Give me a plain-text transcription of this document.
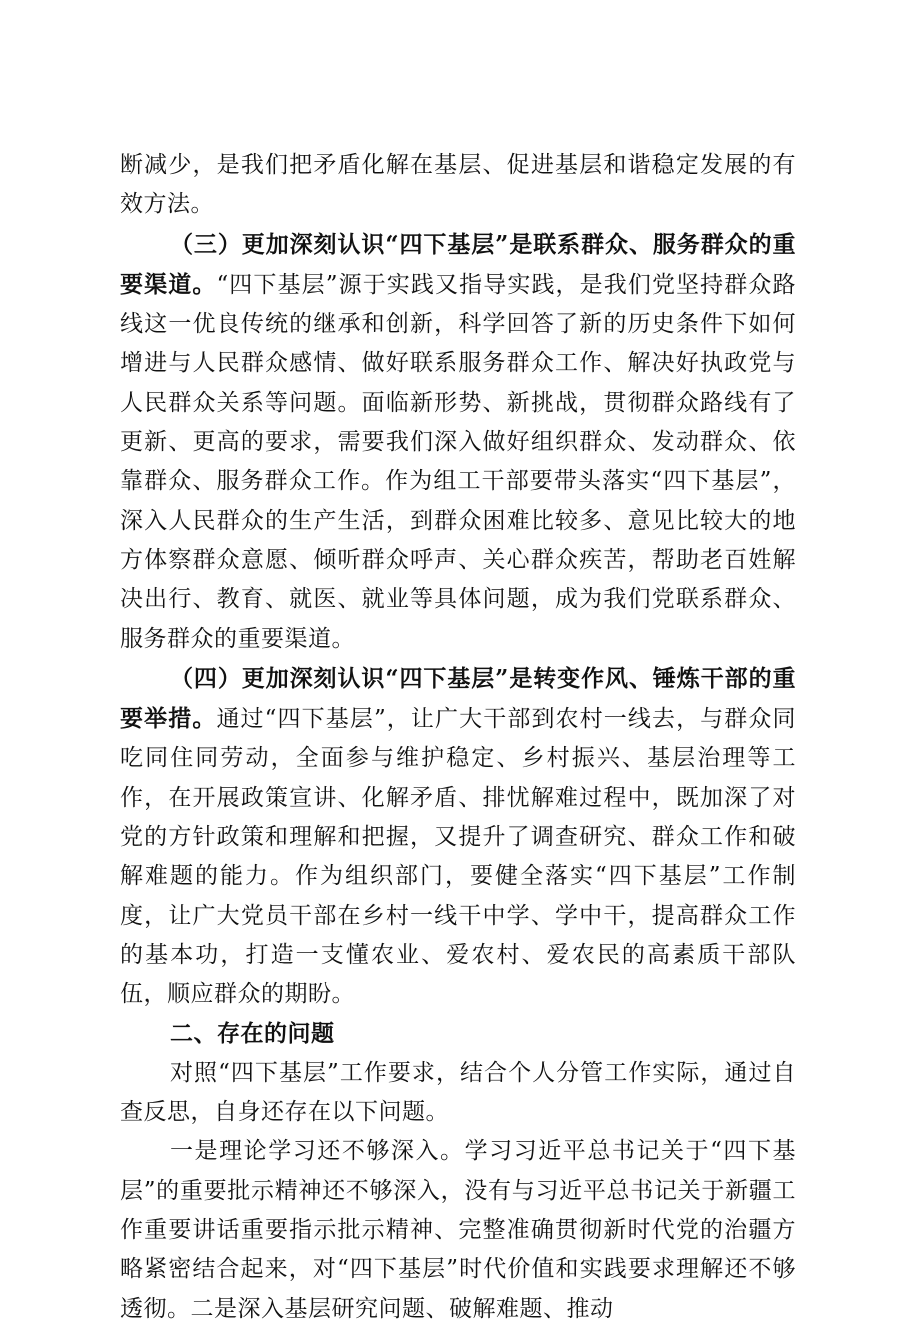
断减少，是我们把矛盾化解在基层、促进基层和谐稳定发展的有效方法。

（三）更加深刻认识“四下基层”是联系群众、服务群众的重要渠道。“四下基层”源于实践又指导实践，是我们党坚持群众路线这一优良传统的继承和创新，科学回答了新的历史条件下如何增进与人民群众感情、做好联系服务群众工作、解决好执政党与人民群众关系等问题。面临新形势、新挑战，贯彻群众路线有了更新、更高的要求，需要我们深入做好组织群众、发动群众、依靠群众、服务群众工作。作为组工干部要带头落实“四下基层”，深入人民群众的生产生活，到群众困难比较多、意见比较大的地方体察群众意愿、倾听群众呼声、关心群众疾苦，帮助老百姓解决出行、教育、就医、就业等具体问题，成为我们党联系群众、服务群众的重要渠道。

（四）更加深刻认识“四下基层”是转变作风、锤炼干部的重要举措。通过“四下基层”，让广大干部到农村一线去，与群众同吃同住同劳动，全面参与维护稳定、乡村振兴、基层治理等工作，在开展政策宣讲、化解矛盾、排忧解难过程中，既加深了对党的方针政策和理解和把握，又提升了调查研究、群众工作和破解难题的能力。作为组织部门，要健全落实“四下基层”工作制度，让广大党员干部在乡村一线干中学、学中干，提高群众工作的基本功，打造一支懂农业、爱农村、爱农民的高素质干部队伍，顺应群众的期盼。

二、存在的问题

对照“四下基层”工作要求，结合个人分管工作实际，通过自查反思，自身还存在以下问题。

一是理论学习还不够深入。学习习近平总书记关于“四下基层”的重要批示精神还不够深入，没有与习近平总书记关于新疆工作重要讲话重要指示批示精神、完整准确贯彻新时代党的治疆方略紧密结合起来，对“四下基层”时代价值和实践要求理解还不够透彻。二是深入基层研究问题、破解难题、推动
